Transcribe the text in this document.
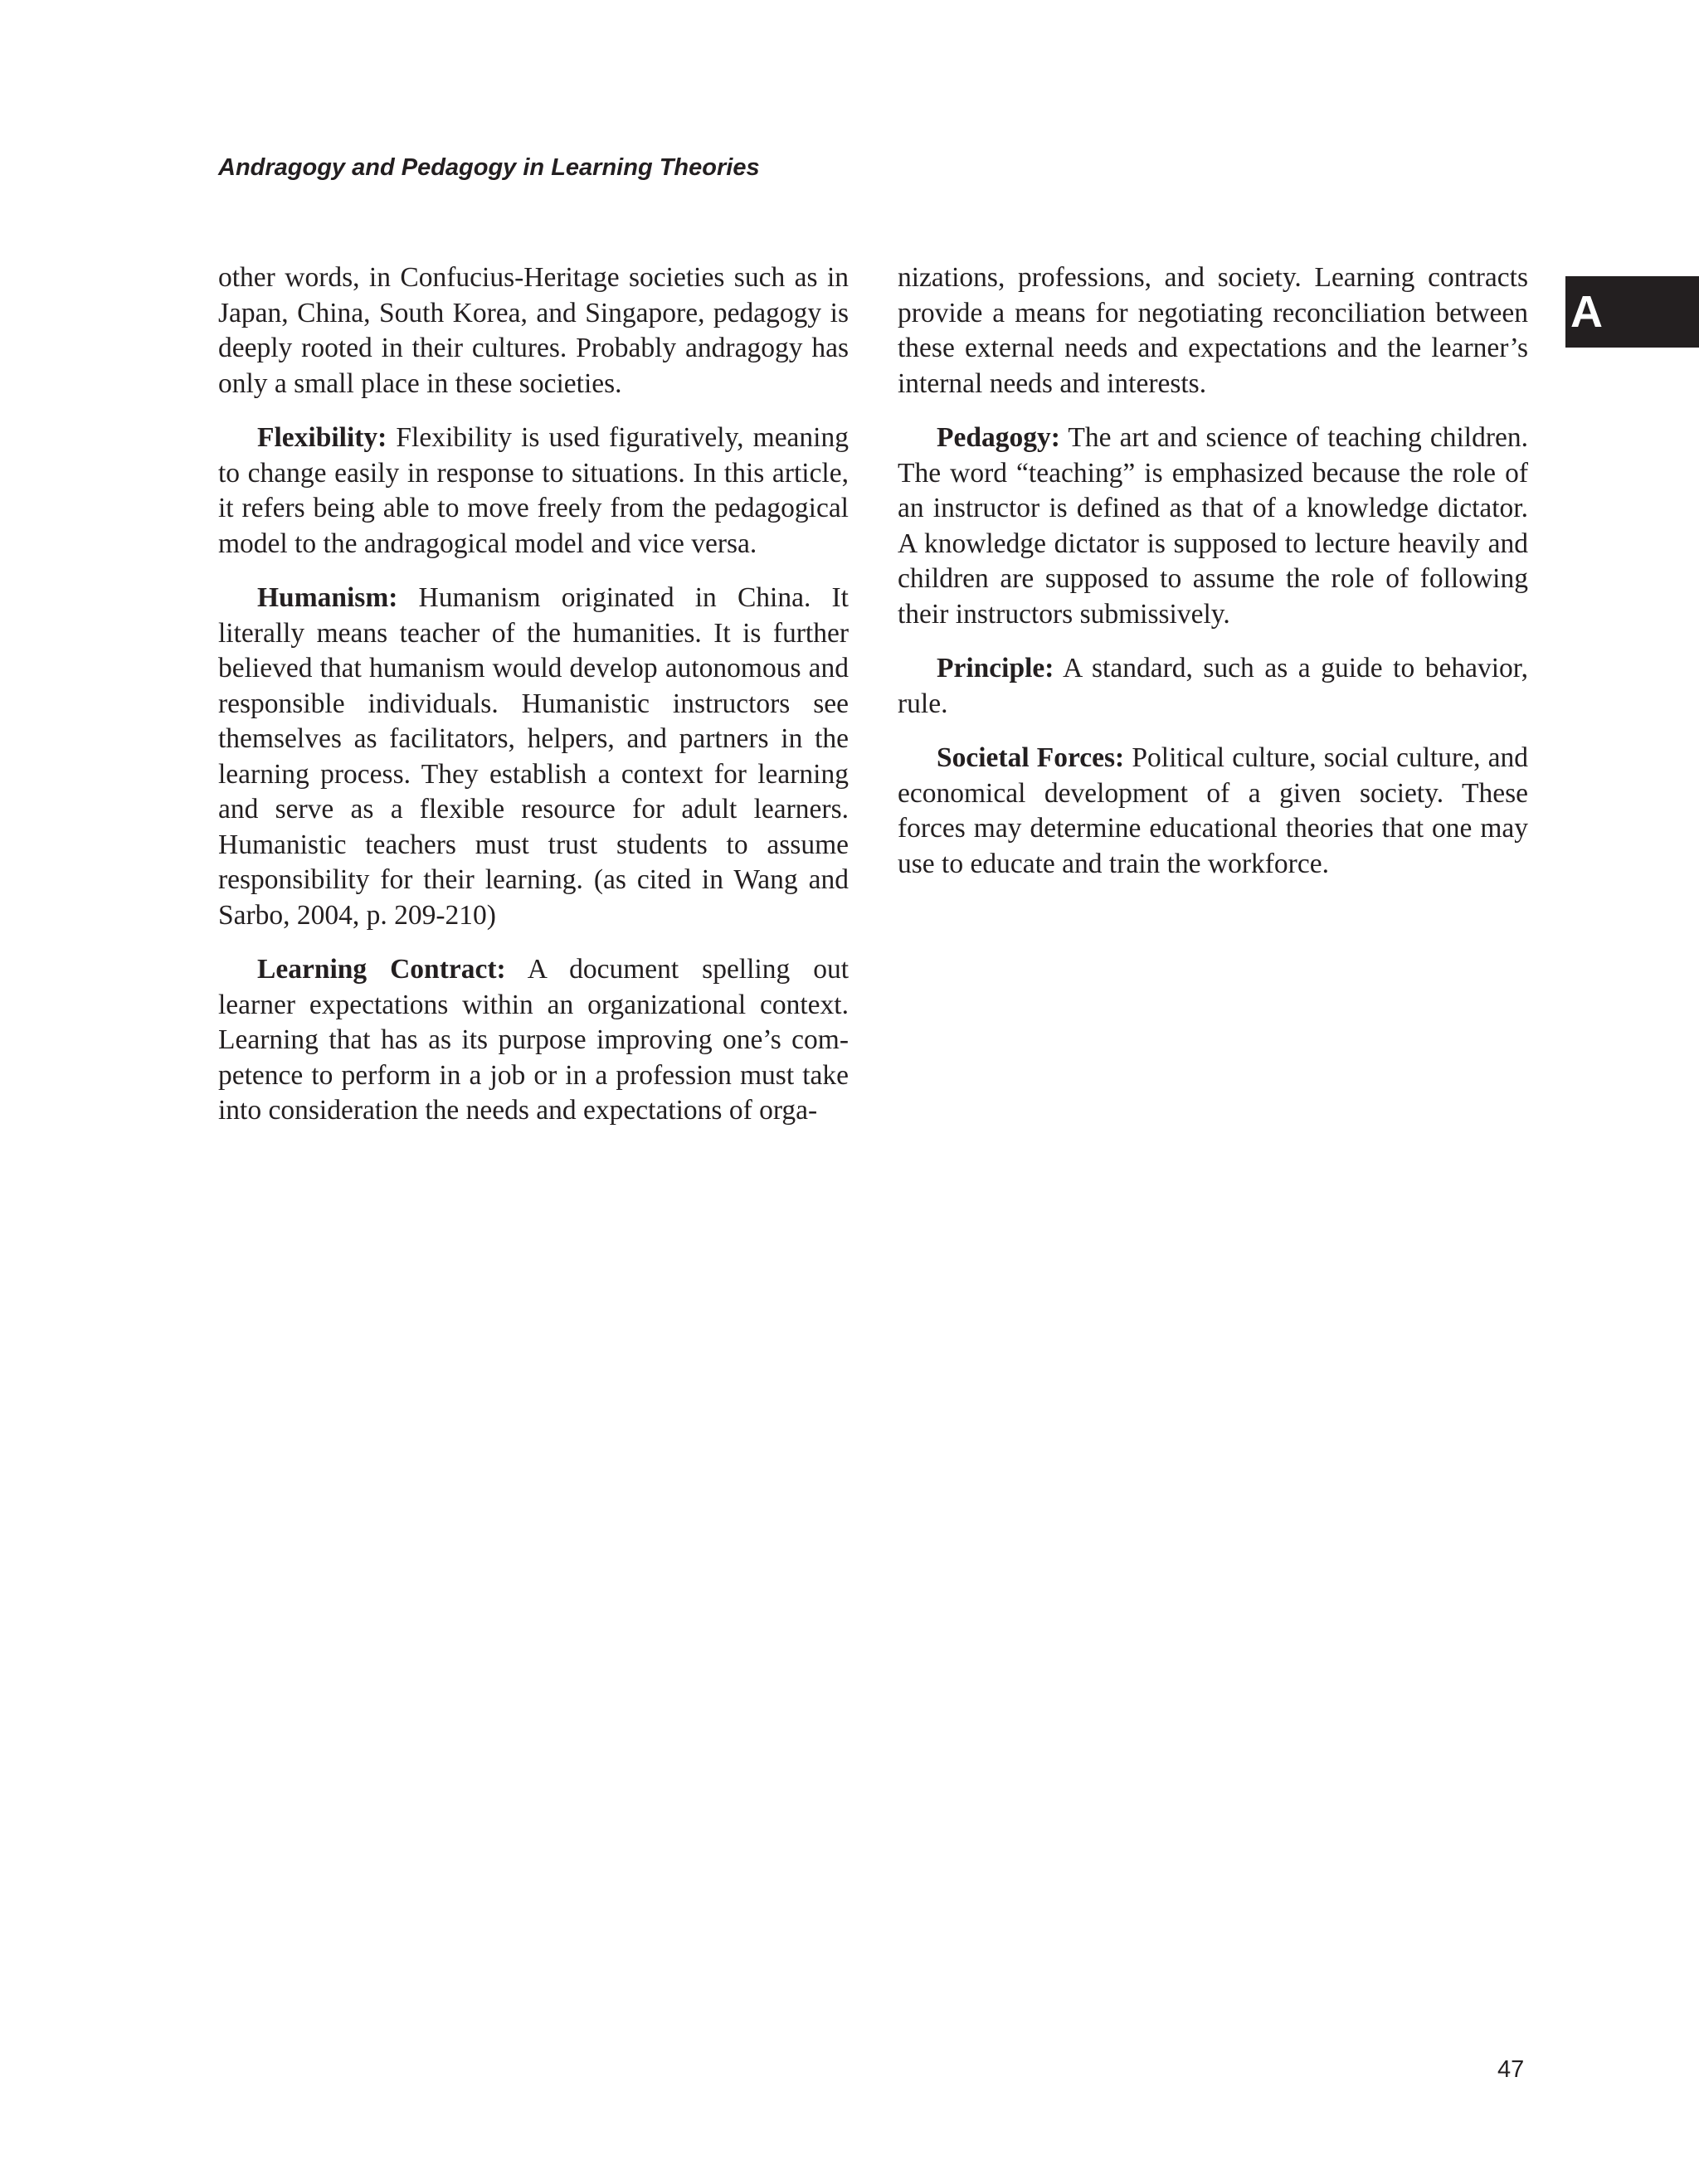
Andragogy and Pedagogy in Learning Theories
A

other words, in Confucius-Heritage societies such as in Japan, China, South Korea, and Singapore, pedagogy is deeply rooted in their cultures. Probably andragogy has only a small place in these societies.

Flexibility: Flexibility is used figuratively, meaning to change easily in response to situations. In this article, it refers being able to move freely from the pedagogical model to the andragogical model and vice versa.

Humanism: Humanism originated in China. It literally means teacher of the humanities. It is further believed that humanism would develop autonomous and responsible individuals. Humanistic instructors see themselves as facilitators, helpers, and partners in the learning process. They establish a context for learning and serve as a flexible resource for adult learners. Humanistic teachers must trust students to assume responsibility for their learning. (as cited in Wang and Sarbo, 2004, p. 209-210)

Learning Contract: A document spelling out learner expectations within an organizational context. Learning that has as its purpose improving one’s competence to perform in a job or in a profession must take into consideration the needs and expectations of orga-

nizations, professions, and society. Learning contracts provide a means for negotiating reconciliation between these external needs and expectations and the learner’s internal needs and interests.

Pedagogy: The art and science of teaching children. The word “teaching” is emphasized because the role of an instructor is defined as that of a knowledge dictator. A knowledge dictator is supposed to lecture heavily and children are supposed to assume the role of following their instructors submissively.

Principle: A standard, such as a guide to behavior, rule.

Societal Forces: Political culture, social culture, and economical development of a given society. These forces may determine educational theories that one may use to educate and train the workforce.

47
